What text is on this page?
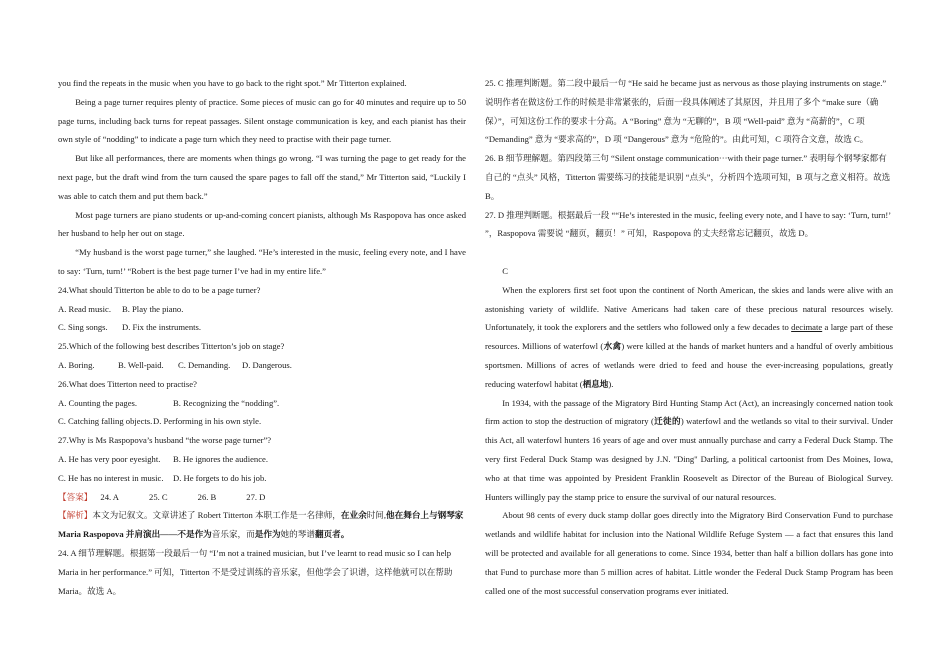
you find the repeats in the music when you have to go back to the right spot.” Mr Titterton explained.

Being a page turner requires plenty of practice. Some pieces of music can go for 40 minutes and require up to 50 page turns, including back turns for repeat passages. Silent onstage communication is key, and each pianist has their own style of “nodding” to indicate a page turn which they need to practise with their page turner.

But like all performances, there are moments when things go wrong. “I was turning the page to get ready for the next page, but the draft wind from the turn caused the spare pages to fall off the stand,” Mr Titterton said, “Luckily I was able to catch them and put them back.”

Most page turners are piano students or up-and-coming concert pianists, although Ms Raspopova has once asked her husband to help her out on stage.

“My husband is the worst page turner,” she laughed. “He’s interested in the music, feeling every note, and I have to say: ‘Turn, turn!’ “Robert is the best page turner I’ve had in my entire life.”

24.What should Titterton be able to do to be a page turner?

A. Read music.	B. Play the piano.
C. Sing songs.	D. Fix the instruments.

25.Which of the following best describes Titterton’s job on stage?

A. Boring.	B. Well-paid.	C. Demanding.	D. Dangerous.

26.What does Titterton need to practise?

A. Counting the pages.	B. Recognizing the “nodding”.
C. Catching falling objects. D. Performing in his own style.

27.Why is Ms Raspopova’s husband “the worse page turner”?

A. He has very poor eyesight.	B. He ignores the audience.
C. He has no interest in music.	D. He forgets to do his job.
【答案】 24. A	25. C	26. B	27. D

【解析】本文为记叙文。文章讲述了 Robert Titterton 本职工作是一名律师，在业余时间,他在舞台上与钢琴家 Maria Raspopova 并肩演出——不是作为音乐家，而是作为她的琴谱翻页者。

24. A 细节理解题。根据第一段最后一句 “I’m not a trained musician, but I’ve learnt to read music so I can help Maria in her performance.” 可知，Titterton 不是受过训练的音乐家，但他学会了识谱，这样他就可以在帮助 Maria。故选 A。

25. C 推理判断题。第二段中最后一句 “He said he became just as nervous as those playing instruments on stage.” 说明作者在做这份工作的时候是非常紧张的，后面一段具体阐述了其原因，并且用了多个 “make sure（确保）”，可知这份工作的要求十分高。A “Boring” 意为 “无聊的”，B 项 “Well-paid” 意为 “高薪的”，C 项 “Demanding” 意为 “要求高的”，D 项 “Dangerous” 意为 “危险的”。由此可知，C 项符合文意，故选 C。

26. B 细节理解题。第四段第三句 “Silent onstage communication···with their page turner.” 表明每个钢琴家都有自己的 “点头” 风格，Titterton 需要练习的技能是识别 “点头”，分析四个选项可知，B 项与之意义相符。故选 B。

27. D 推理判断题。根据最后一段 ““He’s interested in the music, feeling every note, and I have to say: ‘Turn, turn!’ ”，Raspopova 需要说 “翻页，翻页！” 可知，Raspopova 的丈夫经常忘记翻页，故选 D。

C

When the explorers first set foot upon the continent of North American, the skies and lands were alive with an astonishing variety of wildlife. Native Americans had taken care of these precious natural resources wisely. Unfortunately, it took the explorers and the settlers who followed only a few decades to decimate a large part of these resources. Millions of waterfowl (水禽) were killed at the hands of market hunters and a handful of overly ambitious sportsmen. Millions of acres of wetlands were dried to feed and house the ever-increasing populations, greatly reducing waterfowl habitat (栖息地).

In 1934, with the passage of the Migratory Bird Hunting Stamp Act (Act), an increasingly concerned nation took firm action to stop the destruction of migratory (迁徙的) waterfowl and the wetlands so vital to their survival. Under this Act, all waterfowl hunters 16 years of age and over must annually purchase and carry a Federal Duck Stamp. The very first Federal Duck Stamp was designed by J.N. "Ding" Darling, a political cartoonist from Des Moines, Iowa, who at that time was appointed by President Franklin Roosevelt as Director of the Bureau of Biological Survey. Hunters willingly pay the stamp price to ensure the survival of our natural resources.

About 98 cents of every duck stamp dollar goes directly into the Migratory Bird Conservation Fund to purchase wetlands and wildlife habitat for inclusion into the National Wildlife Refuge System — a fact that ensures this land will be protected and available for all generations to come. Since 1934, better than half a billion dollars has gone into that Fund to purchase more than 5 million acres of habitat. Little wonder the Federal Duck Stamp Program has been called one of the most successful conservation programs ever initiated.
